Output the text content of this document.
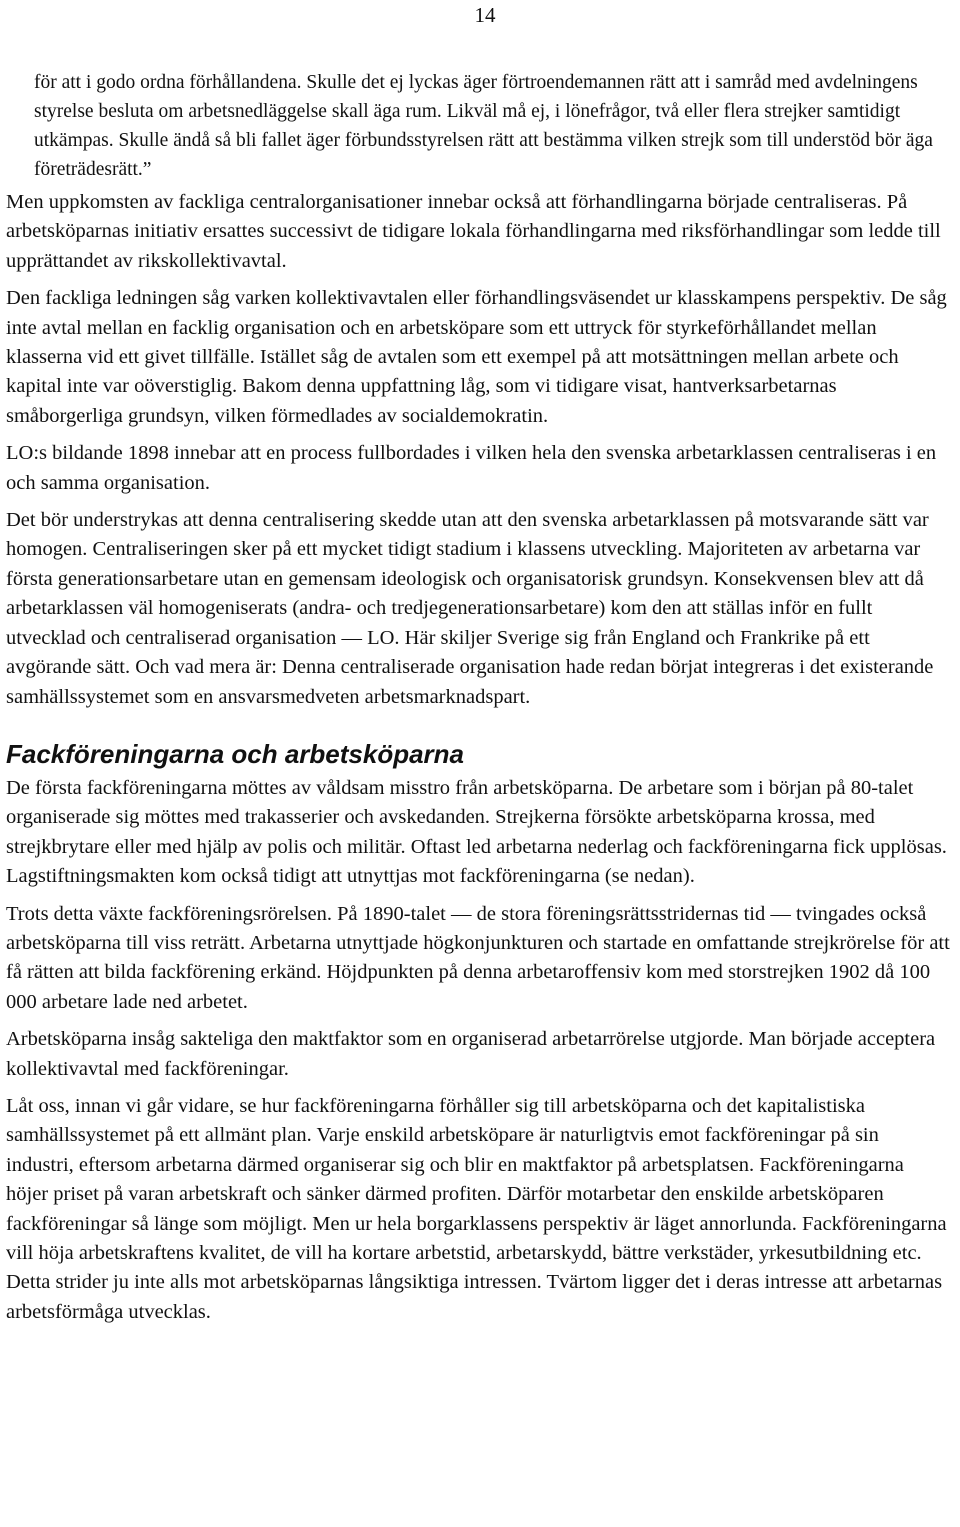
14

för att i godo ordna förhållandena. Skulle det ej lyckas äger förtroendemannen rätt att i samråd med avdelningens styrelse besluta om arbetsnedläggelse skall äga rum. Likväl må ej, i lönefrågor, två eller flera strejker samtidigt utkämpas. Skulle ändå så bli fallet äger förbundsstyrelsen rätt att bestämma vilken strejk som till understöd bör äga företrädesrätt.”

Men uppkomsten av fackliga centralorganisationer innebar också att förhandlingarna började centraliseras. På arbetsköparnas initiativ ersattes successivt de tidigare lokala förhandlingarna med riksförhandlingar som ledde till upprättandet av rikskollektivavtal.

Den fackliga ledningen såg varken kollektivavtalen eller förhandlingsväsendet ur klasskampens perspektiv. De såg inte avtal mellan en facklig organisation och en arbetsköpare som ett uttryck för styrkeförhållandet mellan klasserna vid ett givet tillfälle. Istället såg de avtalen som ett exempel på att motsättningen mellan arbete och kapital inte var oöverstiglig. Bakom denna uppfattning låg, som vi tidigare visat, hantverksarbetarnas småborgerliga grundsyn, vilken förmedlades av socialdemokratin.

LO:s bildande 1898 innebar att en process fullbordades i vilken hela den svenska arbetarklassen centraliseras i en och samma organisation.

Det bör understrykas att denna centralisering skedde utan att den svenska arbetarklassen på motsvarande sätt var homogen. Centraliseringen sker på ett mycket tidigt stadium i klassens utveckling. Majoriteten av arbetarna var första generationsarbetare utan en gemensam ideologisk och organisatorisk grundsyn. Konsekvensen blev att då arbetarklassen väl homogeniserats (andra- och tredjegenerationsarbetare) kom den att ställas inför en fullt utvecklad och centraliserad organisation — LO. Här skiljer Sverige sig från England och Frankrike på ett avgörande sätt. Och vad mera är: Denna centraliserade organisation hade redan börjat integreras i det existerande samhällssystemet som en ansvarsmedveten arbetsmarknadspart.

Fackföreningarna och arbetsköparna

De första fackföreningarna möttes av våldsam misstro från arbetsköparna. De arbetare som i början på 80-talet organiserade sig möttes med trakasserier och avskedanden. Strejkerna försökte arbetsköparna krossa, med strejkbrytare eller med hjälp av polis och militär. Oftast led arbetarna nederlag och fackföreningarna fick upplösas. Lagstiftningsmakten kom också tidigt att utnyttjas mot fackföreningarna (se nedan).

Trots detta växte fackföreningsrörelsen. På 1890-talet — de stora föreningsrättsstridernas tid — tvingades också arbetsköparna till viss reträtt. Arbetarna utnyttjade högkonjunkturen och startade en omfattande strejkrörelse för att få rätten att bilda fackförening erkänd. Höjdpunkten på denna arbetaroffensiv kom med storstrejken 1902 då 100 000 arbetare lade ned arbetet.

Arbetsköparna insåg sakteliga den maktfaktor som en organiserad arbetarrörelse utgjorde. Man började acceptera kollektivavtal med fackföreningar.

Låt oss, innan vi går vidare, se hur fackföreningarna förhåller sig till arbetsköparna och det kapitalistiska samhällssystemet på ett allmänt plan. Varje enskild arbetsköpare är naturligtvis emot fackföreningar på sin industri, eftersom arbetarna därmed organiserar sig och blir en maktfaktor på arbetsplatsen. Fackföreningarna höjer priset på varan arbetskraft och sänker därmed profiten. Därför motarbetar den enskilde arbetsköparen fackföreningar så länge som möjligt. Men ur hela borgarklassens perspektiv är läget annorlunda. Fackföreningarna vill höja arbetskraftens kvalitet, de vill ha kortare arbetstid, arbetarskydd, bättre verkstäder, yrkesutbildning etc. Detta strider ju inte alls mot arbetsköparnas långsiktiga intressen. Tvärtom ligger det i deras intresse att arbetarnas arbetsförmåga utvecklas.
